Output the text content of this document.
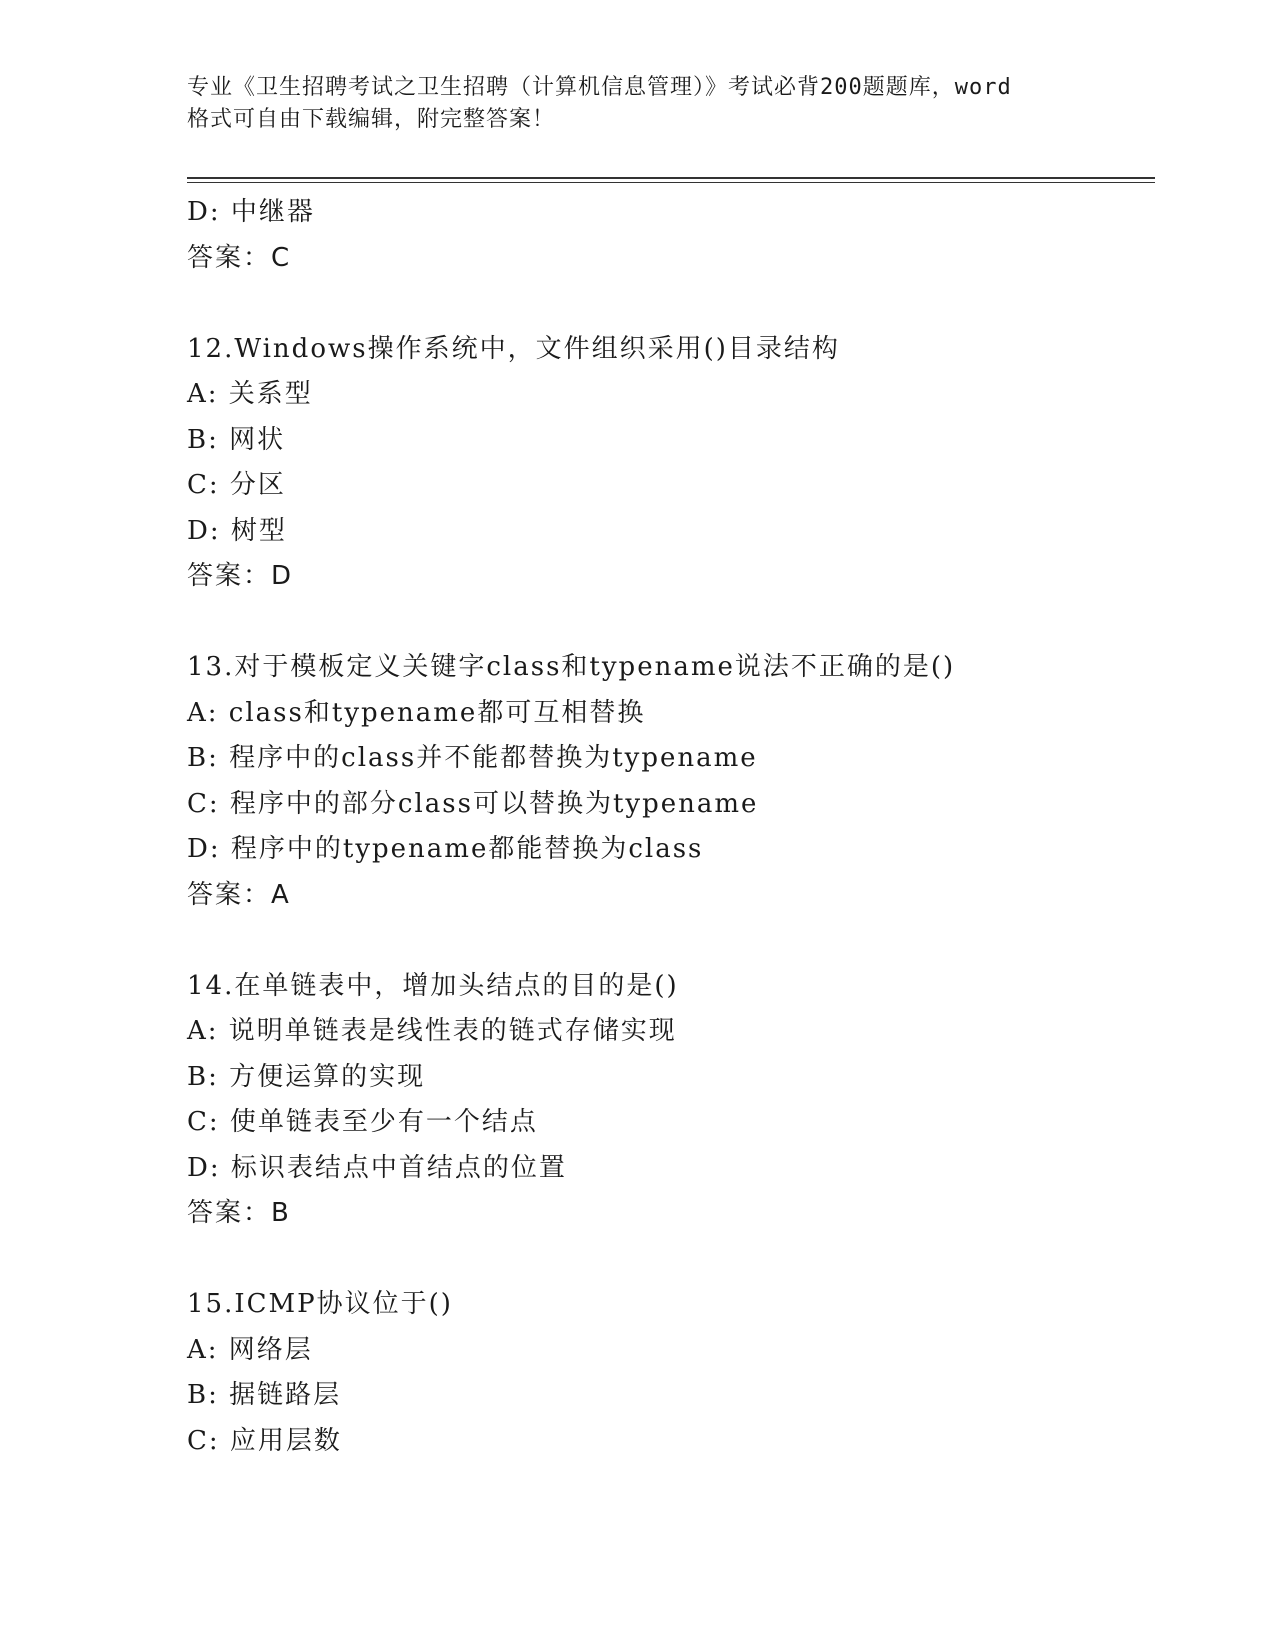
专业《卫生招聘考试之卫生招聘（计算机信息管理）》考试必背200题题库，word
格式可自由下载编辑，附完整答案！
D: 中继器
答案：C
12.Windows操作系统中，文件组织采用()目录结构
A: 关系型
B: 网状
C: 分区
D: 树型
答案：D
13.对于模板定义关键字class和typename说法不正确的是()
A: class和typename都可互相替换
B: 程序中的class并不能都替换为typename
C: 程序中的部分class可以替换为typename
D: 程序中的typename都能替换为class
答案：A
14.在单链表中，增加头结点的目的是()
A: 说明单链表是线性表的链式存储实现
B: 方便运算的实现
C: 使单链表至少有一个结点
D: 标识表结点中首结点的位置
答案：B
15.ICMP协议位于()
A: 网络层
B: 据链路层
C: 应用层数
